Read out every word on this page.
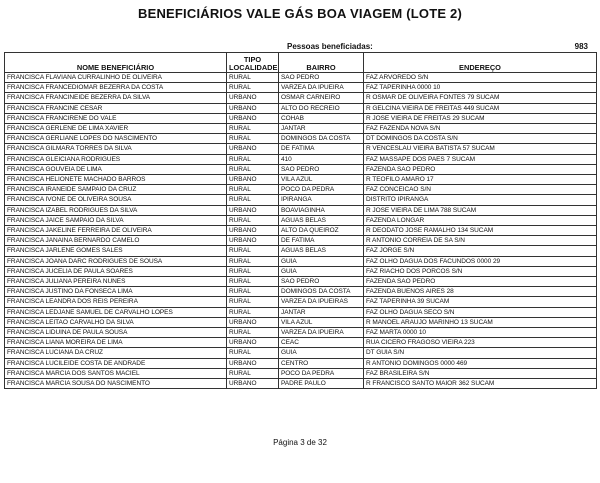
BENEFICIÁRIOS VALE GÁS BOA VIAGEM (LOTE 2)
Pessoas beneficiadas:	983
NOME BENEFICIÁRIO	TIPO LOCALIDADE	BAIRRO	ENDEREÇO
FRANCISCA FLAVIANA CURRALINHO DE OLIVEIRA	RURAL	SAO PEDRO	FAZ ARVOREDO S/N
FRANCISCA FRANCEDIOMAR BEZERRA DA COSTA	RURAL	VARZEA DA IPUEIRA	FAZ TAPERINHA 0000 10
FRANCISCA FRANCINEIDE BEZERRA DA SILVA	URBANO	OSMAR CARNEIRO	R OSMAR DE OLIVEIRA FONTES 79 SUCAM
FRANCISCA FRANCINE CESAR	URBANO	ALTO DO RECREIO	R GELCINA VIEIRA DE FREITAS 449 SUCAM
FRANCISCA FRANCIRENE DO VALE	URBANO	COHAB	R JOSE VIEIRA DE FREITAS 29 SUCAM
FRANCISCA GERLENE DE LIMA XAVIER	RURAL	JANTAR	FAZ FAZENDA NOVA S/N
FRANCISCA GERLIANE LOPES DO NASCIMENTO	RURAL	DOMINGOS DA COSTA	DT DOMINGOS DA COSTA S/N
FRANCISCA GILMARA TORRES DA SILVA	URBANO	DE FATIMA	R VENCESLAU VIEIRA BATISTA 57 SUCAM
FRANCISCA GLEICIANA RODRIGUES	RURAL	410	FAZ MASSAPE DOS PAES 7 SUCAM
FRANCISCA GOUVEIA DE LIMA	RURAL	SAO PEDRO	FAZENDA SAO PEDRO
FRANCISCA HELIONETE MACHADO BARROS	URBANO	VILA AZUL	R TEOFILO AMARO 17
FRANCISCA IRANEIDE SAMPAIO DA CRUZ	RURAL	POCO DA PEDRA	FAZ CONCEICAO S/N
FRANCISCA IVONE DE OLIVEIRA SOUSA	RURAL	IPIRANGA	DISTRITO IPIRANGA
FRANCISCA IZABEL RODRIGUES DA SILVA	URBANO	BOAVIAGINHA	R JOSE VIEIRA DE LIMA 788 SUCAM
FRANCISCA JAICE SAMPAIO DA SILVA	RURAL	AGUAS BELAS	FAZENDA LONGAR
FRANCISCA JAKELINE FERREIRA DE OLIVEIRA	URBANO	ALTO DA QUEIROZ	R DEODATO JOSE RAMALHO 134 SUCAM
FRANCISCA JANAINA BERNARDO CAMELO	URBANO	DE FATIMA	R ANTONIO CORREIA DE SA S/N
FRANCISCA JARLENE GOMES SALES	RURAL	AGUAS BELAS	FAZ JORGE S/N
FRANCISCA JOANA DARC RODRIGUES DE SOUSA	RURAL	GUIA	FAZ OLHO DAGUA DOS FACUNDOS 0000 29
FRANCISCA JUCELIA DE PAULA SOARES	RURAL	GUIA	FAZ RIACHO DOS PORCOS S/N
FRANCISCA JULIANA PEREIRA NUNES	RURAL	SAO PEDRO	FAZENDA SAO PEDRO
FRANCISCA JUSTINO DA FONSECA LIMA	RURAL	DOMINGOS DA COSTA	FAZENDA BUENOS AIRES 28
FRANCISCA LEANDRA DOS REIS PEREIRA	RURAL	VARZEA DA IPUEIRAS	FAZ TAPERINHA 39 SUCAM
FRANCISCA LEDJANE SAMUEL DE CARVALHO LOPES	RURAL	JANTAR	FAZ OLHO DAGUA SECO S/N
FRANCISCA LEITAO CARVALHO DA SILVA	URBANO	VILA AZUL	R MANOEL ARAUJO MARINHO 13 SUCAM
FRANCISCA LIDUINA DE PAULA SOUSA	RURAL	VARZEA DA IPUEIRA	FAZ MARTA 0000 10
FRANCISCA LIANA MOREIRA DE LIMA	URBANO	CEAC	RUA CICERO FRAGOSO VIEIRA 223
FRANCISCA LUCIANA DA CRUZ	RURAL	GUIA	DT GUIA S/N
FRANCISCA LUCILEIDE COSTA DE ANDRADE	URBANO	CENTRO	R ANTONIO DOMINGOS 0000 469
FRANCISCA MARCIA DOS SANTOS MACIEL	RURAL	POCO DA PEDRA	FAZ BRASILEIRA S/N
FRANCISCA MARCIA SOUSA DO NASCIMENTO	URBANO	PADRE PAULO	R FRANCISCO SANTO MAIOR 362 SUCAM
Página 3 de 32
